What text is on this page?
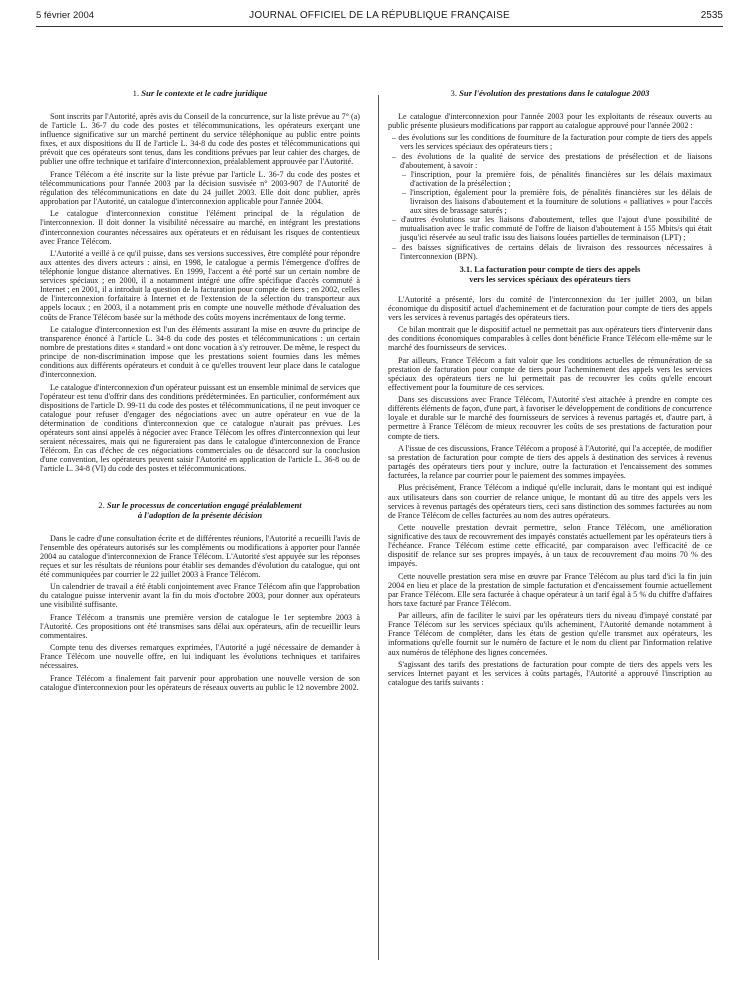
5 février 2004	JOURNAL OFFICIEL DE LA RÉPUBLIQUE FRANÇAISE	2535
1. Sur le contexte et le cadre juridique

Sont inscrits par l'Autorité, après avis du Conseil de la concurrence, sur la liste prévue au 7° (a) de l'article L. 36-7 du code des postes et télécommunications, les opérateurs exerçant une influence significative sur un marché pertinent du service téléphonique au public entre points fixes, et aux dispositions du II de l'article L. 34-8 du code des postes et télécommunications qui prévoit que ces opérateurs sont tenus, dans les conditions prévues par leur cahier des charges, de publier une offre technique et tarifaire d'interconnexion, préalablement approuvée par l'Autorité.

France Télécom a été inscrite sur la liste prévue par l'article L. 36-7 du code des postes et télécommunications pour l'année 2003 par la décision susvisée n° 2003-907 de l'Autorité de régulation des télécommunications en date du 24 juillet 2003. Elle doit donc publier, après approbation par l'Autorité, un catalogue d'interconnexion applicable pour l'année 2004.

Le catalogue d'interconnexion constitue l'élément principal de la régulation de l'interconnexion. Il doit donner la visibilité nécessaire au marché, en intégrant les prestations d'interconnexion courantes nécessaires aux opérateurs et en réduisant les risques de contentieux avec France Télécom.

L'Autorité a veillé à ce qu'il puisse, dans ses versions successives, être complété pour répondre aux attentes des divers acteurs : ainsi, en 1998, le catalogue a permis l'émergence d'offres de téléphonie longue distance alternatives. En 1999, l'accent a été porté sur un certain nombre de services spéciaux ; en 2000, il a notamment intégré une offre spécifique d'accès commuté à Internet ; en 2001, il a introduit la question de la facturation pour compte de tiers ; en 2002, celles de l'interconnexion forfaitaire à Internet et de l'extension de la sélection du transporteur aux appels locaux ; en 2003, il a notamment pris en compte une nouvelle méthode d'évaluation des coûts de France Télécom basée sur la méthode des coûts moyens incrémentaux de long terme.

Le catalogue d'interconnexion est l'un des éléments assurant la mise en œuvre du principe de transparence énoncé à l'article L. 34-8 du code des postes et télécommunications : un certain nombre de prestations dites « standard » ont donc vocation à s'y retrouver. De même, le respect du principe de non-discrimination impose que les prestations soient fournies dans les mêmes conditions aux différents opérateurs et conduit à ce qu'elles trouvent leur place dans le catalogue d'interconnexion.

Le catalogue d'interconnexion d'un opérateur puissant est un ensemble minimal de services que l'opérateur est tenu d'offrir dans des conditions prédéterminées. En particulier, conformément aux dispositions de l'article D. 99-11 du code des postes et télécommunications, il ne peut invoquer ce catalogue pour refuser d'engager des négociations avec un autre opérateur en vue de la détermination de conditions d'interconnexion que ce catalogue n'aurait pas prévues. Les opérateurs sont ainsi appelés à négocier avec France Télécom les offres d'interconnexion qui leur seraient nécessaires, mais qui ne figureraient pas dans le catalogue d'interconnexion de France Télécom. En cas d'échec de ces négociations commerciales ou de désaccord sur la conclusion d'une convention, les opérateurs peuvent saisir l'Autorité en application de l'article L. 36-8 ou de l'article L. 34-8 (VI) du code des postes et télécommunications.

2. Sur le processus de concertation engagé préalablement
à l'adoption de la présente décision

Dans le cadre d'une consultation écrite et de différentes réunions, l'Autorité a recueilli l'avis de l'ensemble des opérateurs autorisés sur les compléments ou modifications à apporter pour l'année 2004 au catalogue d'interconnexion de France Télécom. L'Autorité s'est appuyée sur les réponses reçues et sur les résultats de réunions pour établir ses demandes d'évolution du catalogue, qui ont été communiquées par courrier le 22 juillet 2003 à France Télécom.

Un calendrier de travail a été établi conjointement avec France Télécom afin que l'approbation du catalogue puisse intervenir avant la fin du mois d'octobre 2003, pour donner aux opérateurs une visibilité suffisante.

France Télécom a transmis une première version de catalogue le 1er septembre 2003 à l'Autorité. Ces propositions ont été transmises sans délai aux opérateurs, afin de recueillir leurs commentaires.

Compte tenu des diverses remarques exprimées, l'Autorité a jugé nécessaire de demander à France Télécom une nouvelle offre, en lui indiquant les évolutions techniques et tarifaires nécessaires.

France Télécom a finalement fait parvenir pour approbation une nouvelle version de son catalogue d'interconnexion pour les opérateurs de réseaux ouverts au public le 12 novembre 2002.

3. Sur l'évolution des prestations dans le catalogue 2003

Le catalogue d'interconnexion pour l'année 2003 pour les exploitants de réseaux ouverts au public présente plusieurs modifications par rapport au catalogue approuvé pour l'année 2002 :

– des évolutions sur les conditions de fourniture de la facturation pour compte de tiers des appels vers les services spéciaux des opérateurs tiers ;
– des évolutions de la qualité de service des prestations de présélection et de liaisons d'aboutement, à savoir :
– l'inscription, pour la première fois, de pénalités financières sur les délais maximaux d'activation de la présélection ;
– l'inscription, également pour la première fois, de pénalités financières sur les délais de livraison des liaisons d'aboutement et la fourniture de solutions « palliatives » pour l'accès aux sites de brassage saturés ;
– d'autres évolutions sur les liaisons d'aboutement, telles que l'ajout d'une possibilité de mutualisation avec le trafic commuté de l'offre de liaison d'aboutement à 155 Mbits/s qui était jusqu'ici réservée au seul trafic issu des liaisons louées partielles de terminaison (LPT) ;
– des baisses significatives de certains délais de livraison des ressources nécessaires à l'interconnexion (BPN).
3.1. La facturation pour compte de tiers des appels
vers les services spéciaux des opérateurs tiers

L'Autorité a présenté, lors du comité de l'interconnexion du 1er juillet 2003, un bilan économique du dispositif actuel d'acheminement et de facturation pour compte de tiers des appels vers les services à revenus partagés des opérateurs tiers.

Ce bilan montrait que le dispositif actuel ne permettait pas aux opérateurs tiers d'intervenir dans des conditions économiques comparables à celles dont bénéficie France Télécom elle-même sur le marché des fournisseurs de services.

Par ailleurs, France Télécom a fait valoir que les conditions actuelles de rémunération de sa prestation de facturation pour compte de tiers pour l'acheminement des appels vers les services spéciaux des opérateurs tiers ne lui permettait pas de recouvrer les coûts qu'elle encourt effectivement pour la fourniture de ces services.

Dans ses discussions avec France Télécom, l'Autorité s'est attachée à prendre en compte ces différents éléments de façon, d'une part, à favoriser le développement de conditions de concurrence loyale et durable sur le marché des fournisseurs de services à revenus partagés et, d'autre part, à permettre à France Télécom de mieux recouvrer les coûts de ses prestations de facturation pour compte de tiers.

A l'issue de ces discussions, France Télécom a proposé à l'Autorité, qui l'a acceptée, de modifier sa prestation de facturation pour compte de tiers des appels à destination des services à revenus partagés des opérateurs tiers pour y inclure, outre la facturation et l'encaissement des sommes facturées, la relance par courrier pour le paiement des sommes impayées.

Plus précisément, France Télécom a indiqué qu'elle inclurait, dans le montant qui est indiqué aux utilisateurs dans son courrier de relance unique, le montant dû au titre des appels vers les services à revenus partagés des opérateurs tiers, ceci sans distinction des sommes facturées au nom de France Télécom de celles facturées au nom des autres opérateurs.

Cette nouvelle prestation devrait permettre, selon France Télécom, une amélioration significative des taux de recouvrement des impayés constatés actuellement par les opérateurs tiers à l'échéance. France Télécom estime cette efficacité, par comparaison avec l'efficacité de ce dispositif de relance sur ses propres impayés, à un taux de recouvrement d'au moins 70 % des impayés.

Cette nouvelle prestation sera mise en œuvre par France Télécom au plus tard d'ici la fin juin 2004 en lieu et place de la prestation de simple facturation et d'encaissement fournie actuellement par France Télécom. Elle sera facturée à chaque opérateur à un tarif égal à 5 % du chiffre d'affaires hors taxe facturé par France Télécom.

Par ailleurs, afin de faciliter le suivi par les opérateurs tiers du niveau d'impayé constaté par France Télécom sur les services spéciaux qu'ils acheminent, l'Autorité demande notamment à France Télécom de compléter, dans les états de gestion qu'elle transmet aux opérateurs, les informations qu'elle fournit sur le numéro de facture et le nom du client par l'information relative aux numéros de téléphone des lignes concernées.

S'agissant des tarifs des prestations de facturation pour compte de tiers des appels vers les services Internet payant et les services à coûts partagés, l'Autorité a approuvé l'inscription au catalogue des tarifs suivants :
